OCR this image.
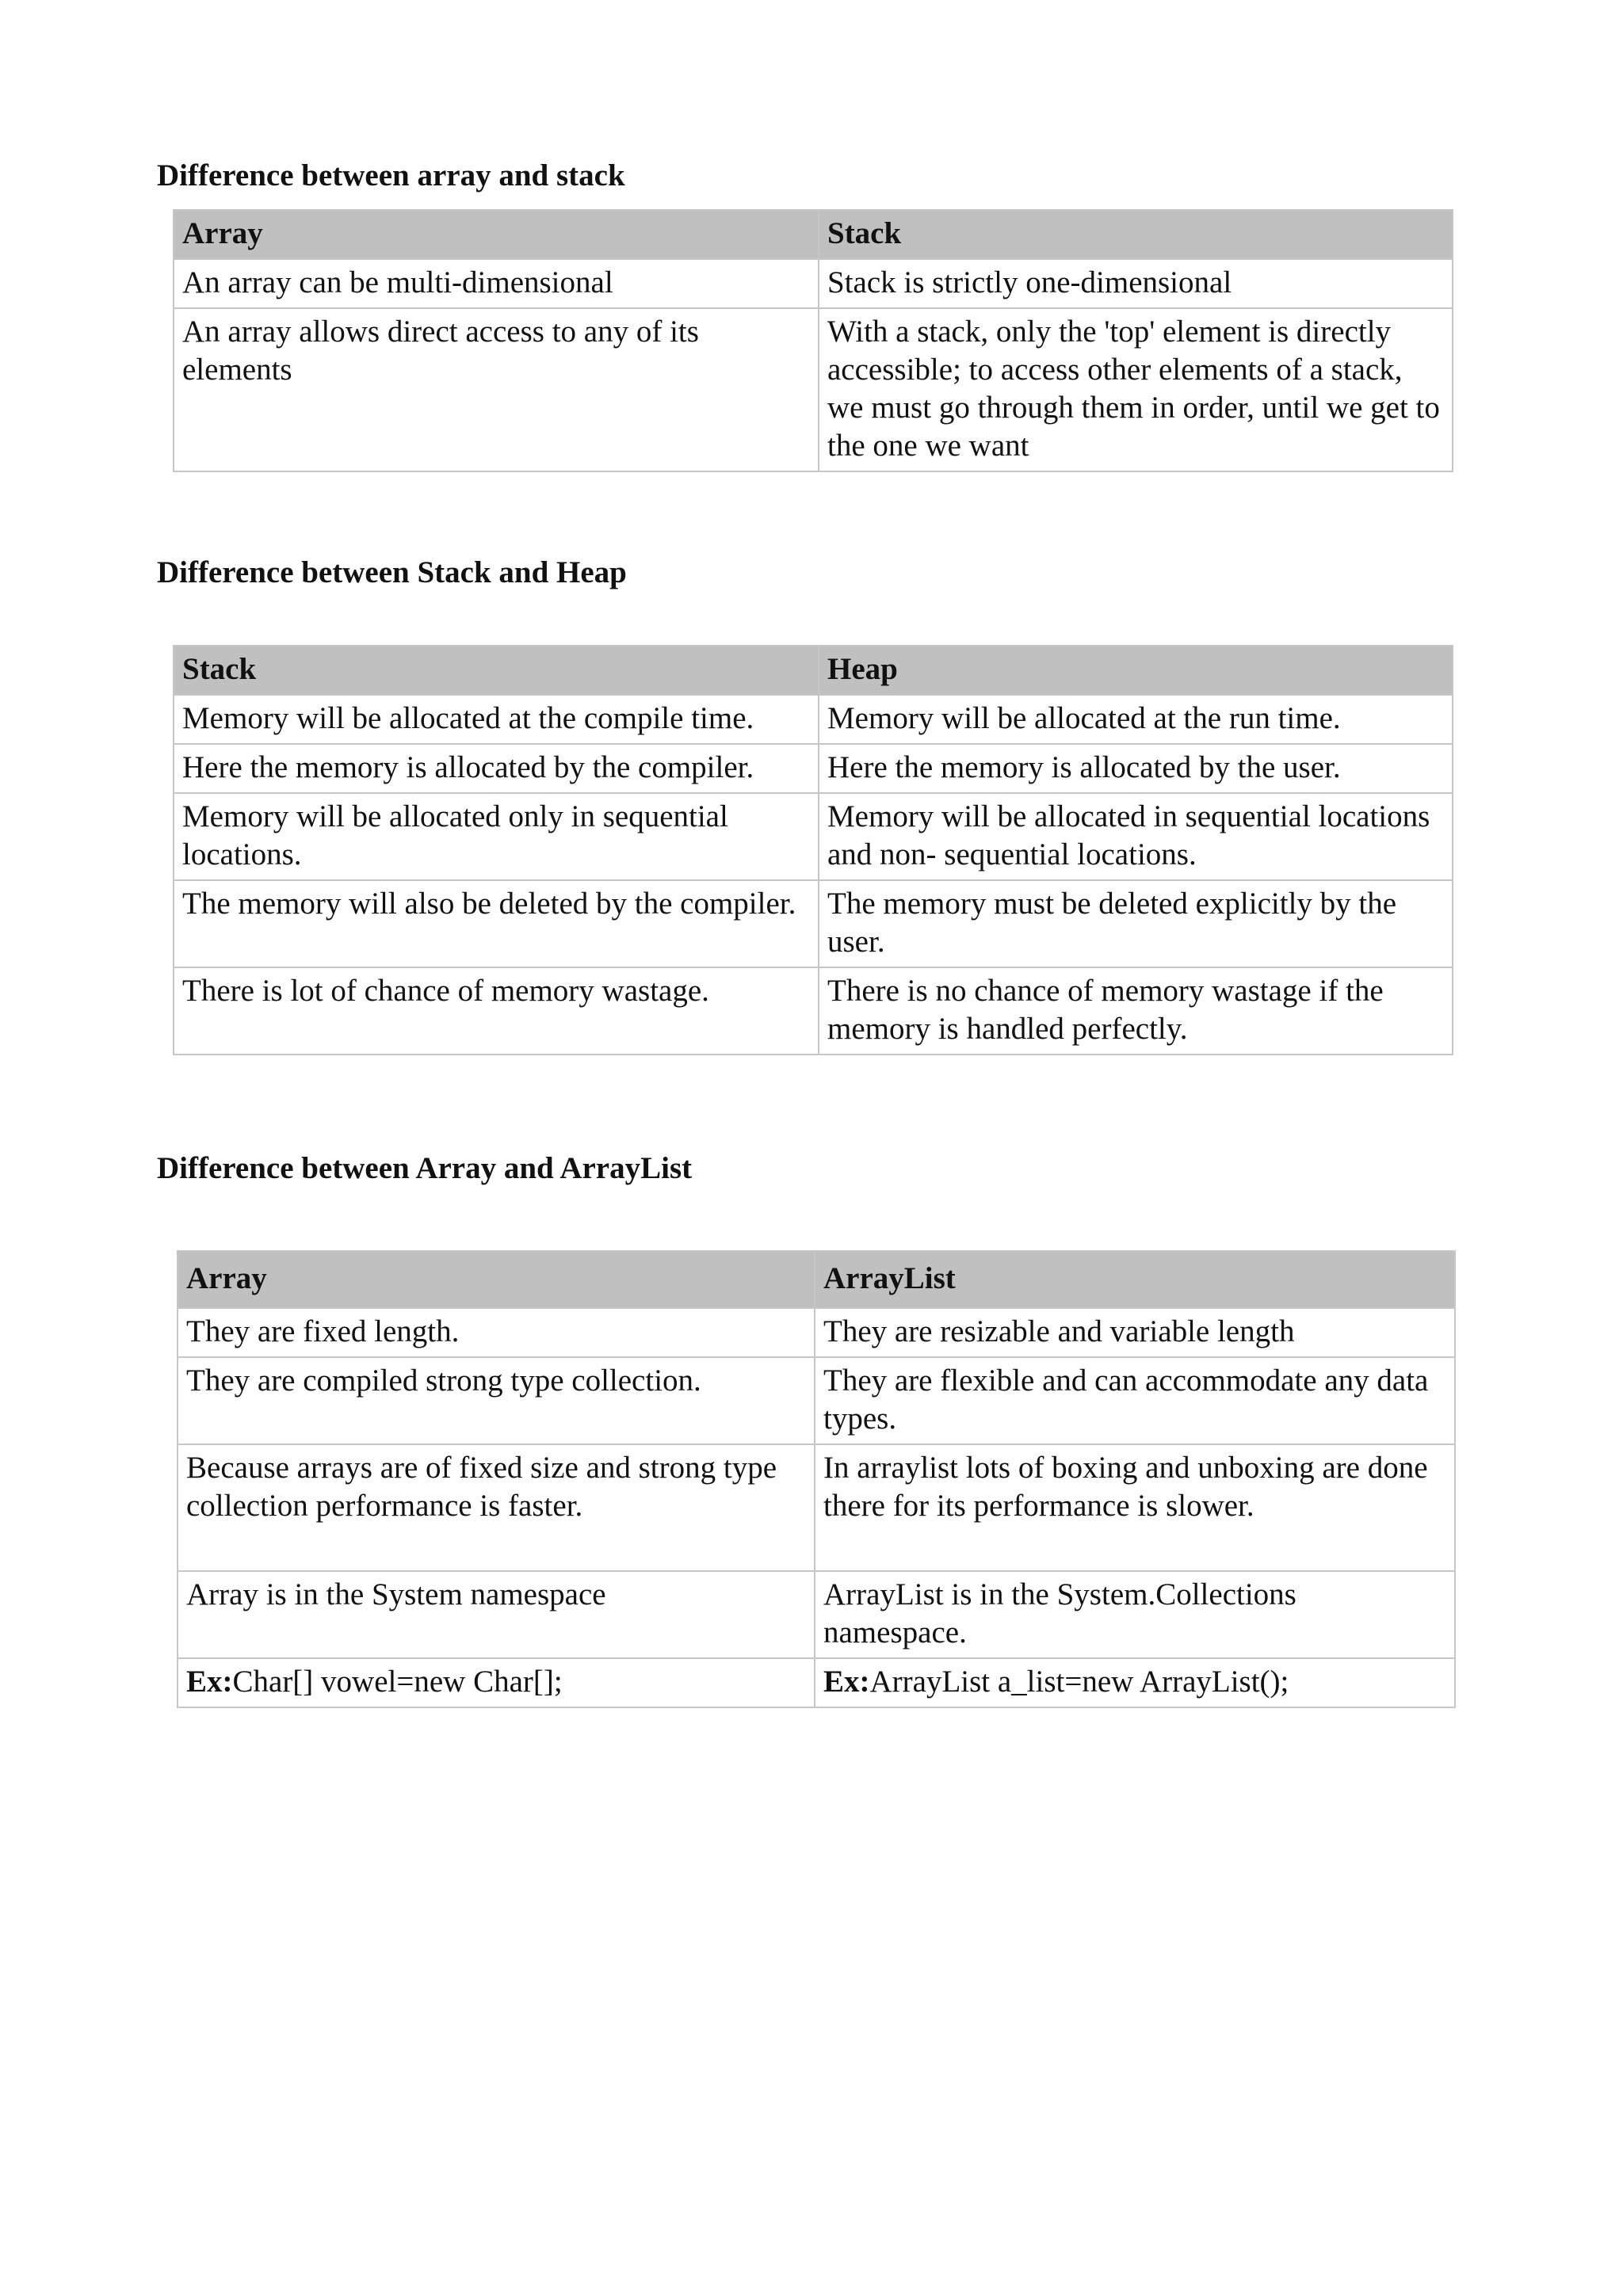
Difference between array and stack
Array	Stack
An array can be multi-dimensional	Stack is strictly one-dimensional
An array allows direct access to any of its elements	With a stack, only the 'top' element is directly accessible; to access other elements of a stack, we must go through them in order, until we get to the one we want
Difference between Stack and Heap
Stack	Heap
Memory will be allocated at the compile time.	Memory will be allocated at the run time.
Here the memory is allocated by the compiler.	Here the memory is allocated by the user.
Memory will be allocated only in sequential locations.	Memory will be allocated in sequential locations and non- sequential locations.
The memory will also be deleted by the compiler.	The memory must be deleted explicitly by the user.
There is lot of chance of memory wastage.	There is no chance of memory wastage if the memory is handled perfectly.
Difference between Array and ArrayList
Array	ArrayList
They are fixed length.	They are resizable and variable length
They are compiled strong type collection.	They are flexible and can accommodate any data types.
Because arrays are of fixed size and strong type collection performance is faster.	In arraylist lots of boxing and unboxing are done there for its performance is slower.
Array is in the System namespace	ArrayList is in the System.Collections namespace.
Ex:Char[] vowel=new Char[];	Ex:ArrayList a_list=new ArrayList();
